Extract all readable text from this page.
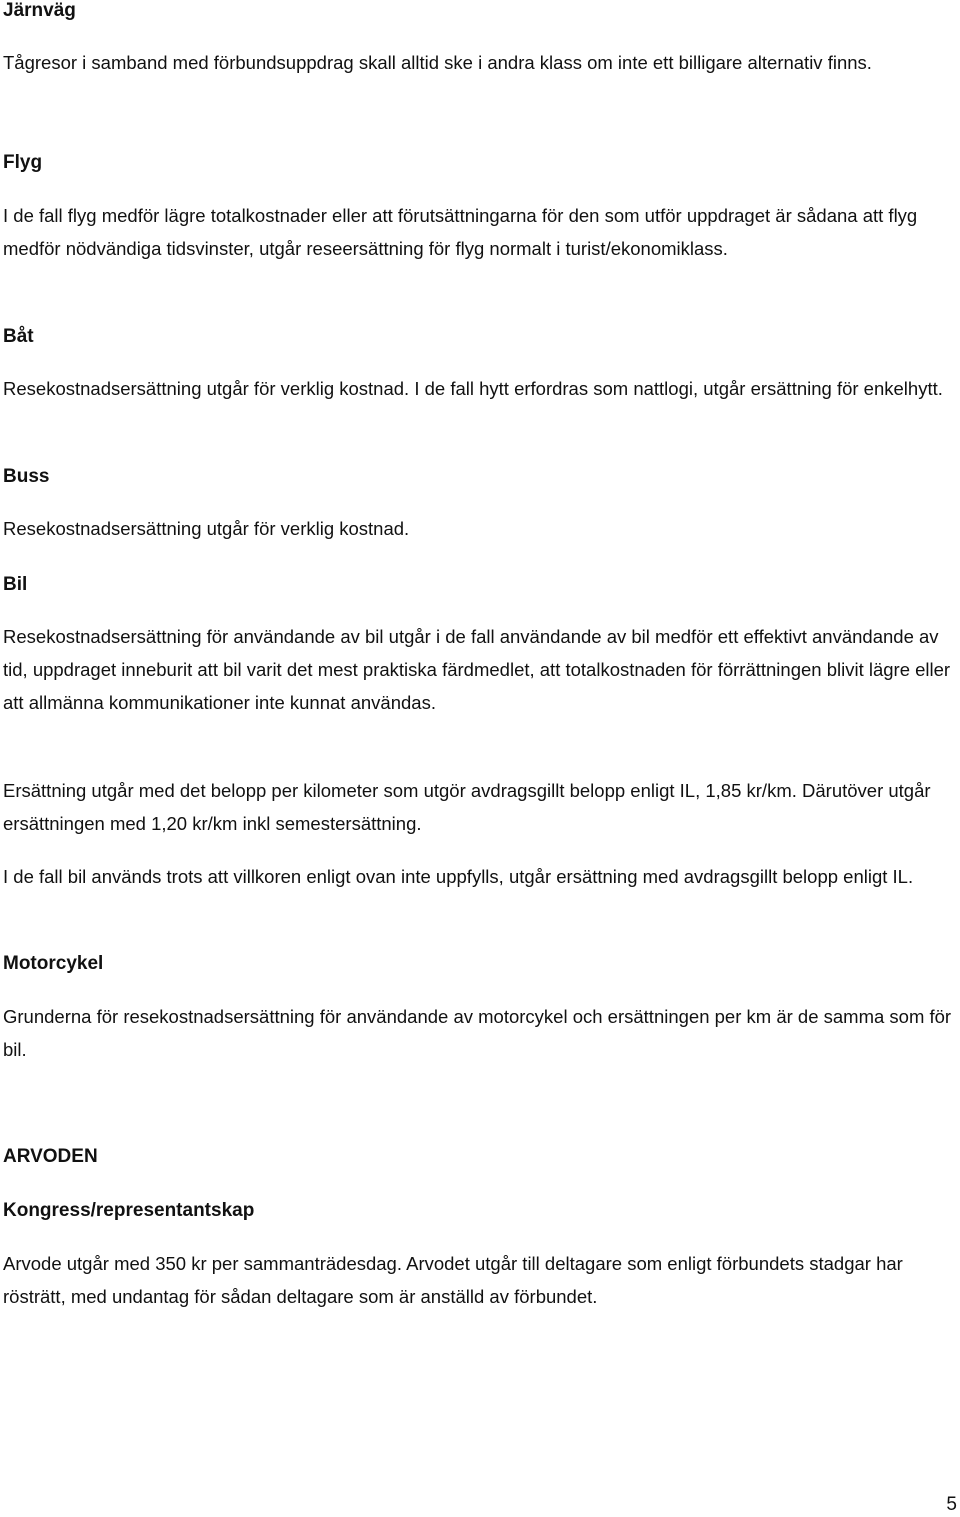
Järnväg

Tågresor i samband med förbundsuppdrag skall alltid ske i andra klass om inte ett billigare alternativ finns.

Flyg

I de fall flyg medför lägre totalkostnader eller att förutsättningarna för den som utför uppdraget är sådana att flyg medför nödvändiga tidsvinster, utgår reseersättning för flyg normalt i turist/ekonomiklass.

Båt

Resekostnadsersättning utgår för verklig kostnad. I de fall hytt erfordras som nattlogi, utgår ersättning för enkelhytt.

Buss

Resekostnadsersättning utgår för verklig kostnad.

Bil

Resekostnadsersättning för användande av bil utgår i de fall användande av bil medför ett effektivt användande av tid, uppdraget inneburit att bil varit det mest praktiska färdmedlet, att totalkostnaden för förrättningen blivit lägre eller att allmänna kommunikationer inte kunnat användas.

Ersättning utgår med det belopp per kilometer som utgör avdragsgillt belopp enligt IL, 1,85 kr/km. Därutöver utgår ersättningen med 1,20 kr/km inkl semestersättning.

I de fall bil används trots att villkoren enligt ovan inte uppfylls, utgår ersättning med avdragsgillt belopp enligt IL.

Motorcykel

Grunderna för resekostnadsersättning för användande av motorcykel och ersättningen per km är de samma som för bil.

ARVODEN
Kongress/representantskap

Arvode utgår med 350 kr per sammanträdesdag. Arvodet utgår till deltagare som enligt förbundets stadgar har rösträtt, med undantag för sådan deltagare som är anställd av förbundet.

5
